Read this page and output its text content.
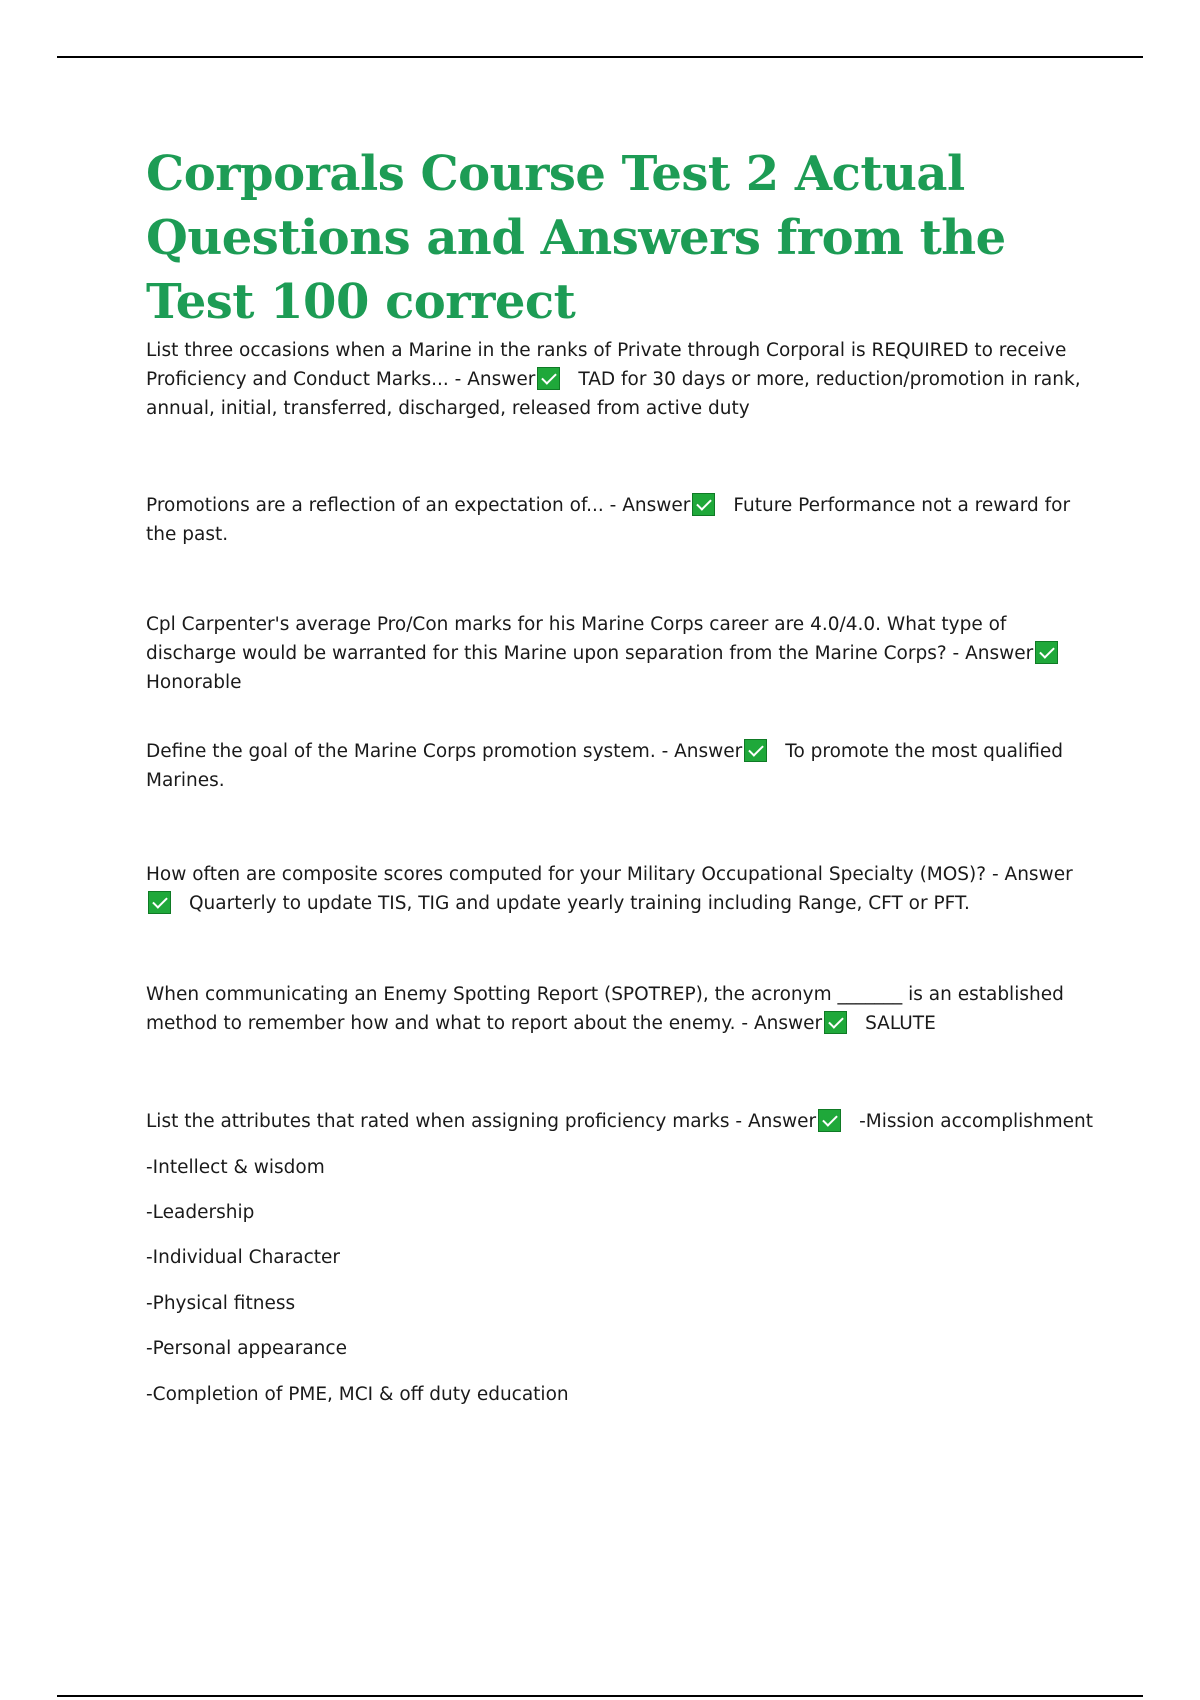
Corporals Course Test 2 Actual Questions and Answers from the Test 100 correct
List three occasions when a Marine in the ranks of Private through Corporal is REQUIRED to receive Proficiency and Conduct Marks... - Answer TAD for 30 days or more, reduction/promotion in rank, annual, initial, transferred, discharged, released from active duty
Promotions are a reflection of an expectation of... - Answer Future Performance not a reward for the past.
Cpl Carpenter's average Pro/Con marks for his Marine Corps career are 4.0/4.0. What type of discharge would be warranted for this Marine upon separation from the Marine Corps? - AnswerHonorable
Define the goal of the Marine Corps promotion system. - Answer To promote the most qualified Marines.
How often are composite scores computed for your Military Occupational Specialty (MOS)? - AnswerQuarterly to update TIS, TIG and update yearly training including Range, CFT or PFT.
When communicating an Enemy Spotting Report (SPOTREP), the acronym _______ is an established method to remember how and what to report about the enemy. - Answer SALUTE
List the attributes that rated when assigning proficiency marks - Answer -Mission accomplishment
-Intellect & wisdom
-Leadership
-Individual Character
-Physical fitness
-Personal appearance
-Completion of PME, MCI & off duty education
